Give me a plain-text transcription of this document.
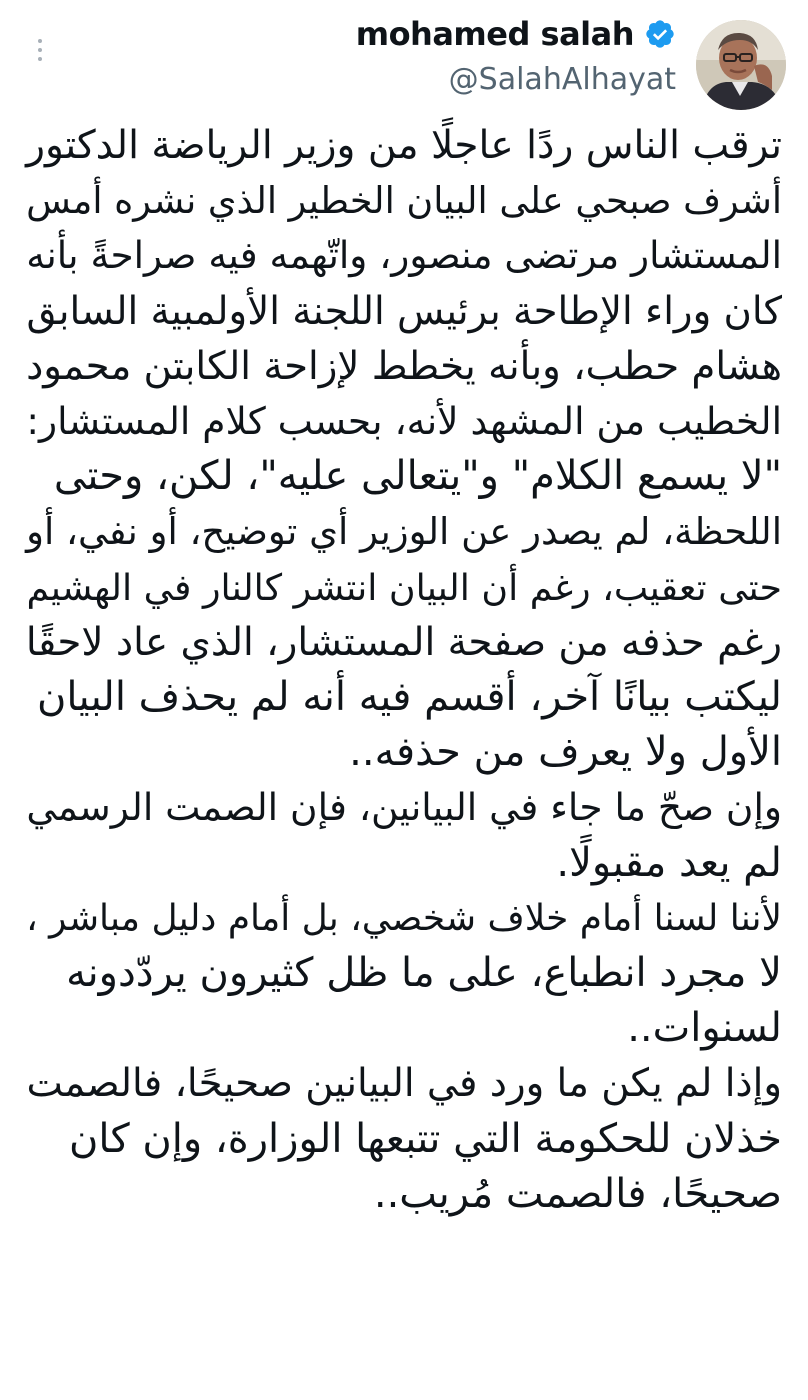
mohamed salah
@SalahAlhayat
ترقب الناس ردًا عاجلًا من وزير الرياضة الدكتور
أشرف صبحي على البيان الخطير الذي نشره أمس
المستشار مرتضى منصور، واتّهمه فيه صراحةً بأنه
كان وراء الإطاحة برئيس اللجنة الأولمبية السابق
هشام حطب، وبأنه يخطط لإزاحة الكابتن محمود
الخطيب من المشهد لأنه، بحسب كلام المستشار:
"لا يسمع الكلام" و"يتعالى عليه"، لكن، وحتى
اللحظة، لم يصدر عن الوزير أي توضيح، أو نفي، أو
حتى تعقيب، رغم أن البيان انتشر كالنار في الهشيم
رغم حذفه من صفحة المستشار، الذي عاد لاحقًا
ليكتب بيانًا آخر، أقسم فيه أنه لم يحذف البيان
الأول ولا يعرف من حذفه..
وإن صحّ ما جاء في البيانين، فإن الصمت الرسمي
لم يعد مقبولًا.
لأننا لسنا أمام خلاف شخصي، بل أمام دليل مباشر ،
لا مجرد انطباع، على ما ظل كثيرون يردّدونه
لسنوات..
وإذا لم يكن ما ورد في البيانين صحيحًا، فالصمت
خذلان للحكومة التي تتبعها الوزارة، وإن كان
صحيحًا، فالصمت مُريب..
